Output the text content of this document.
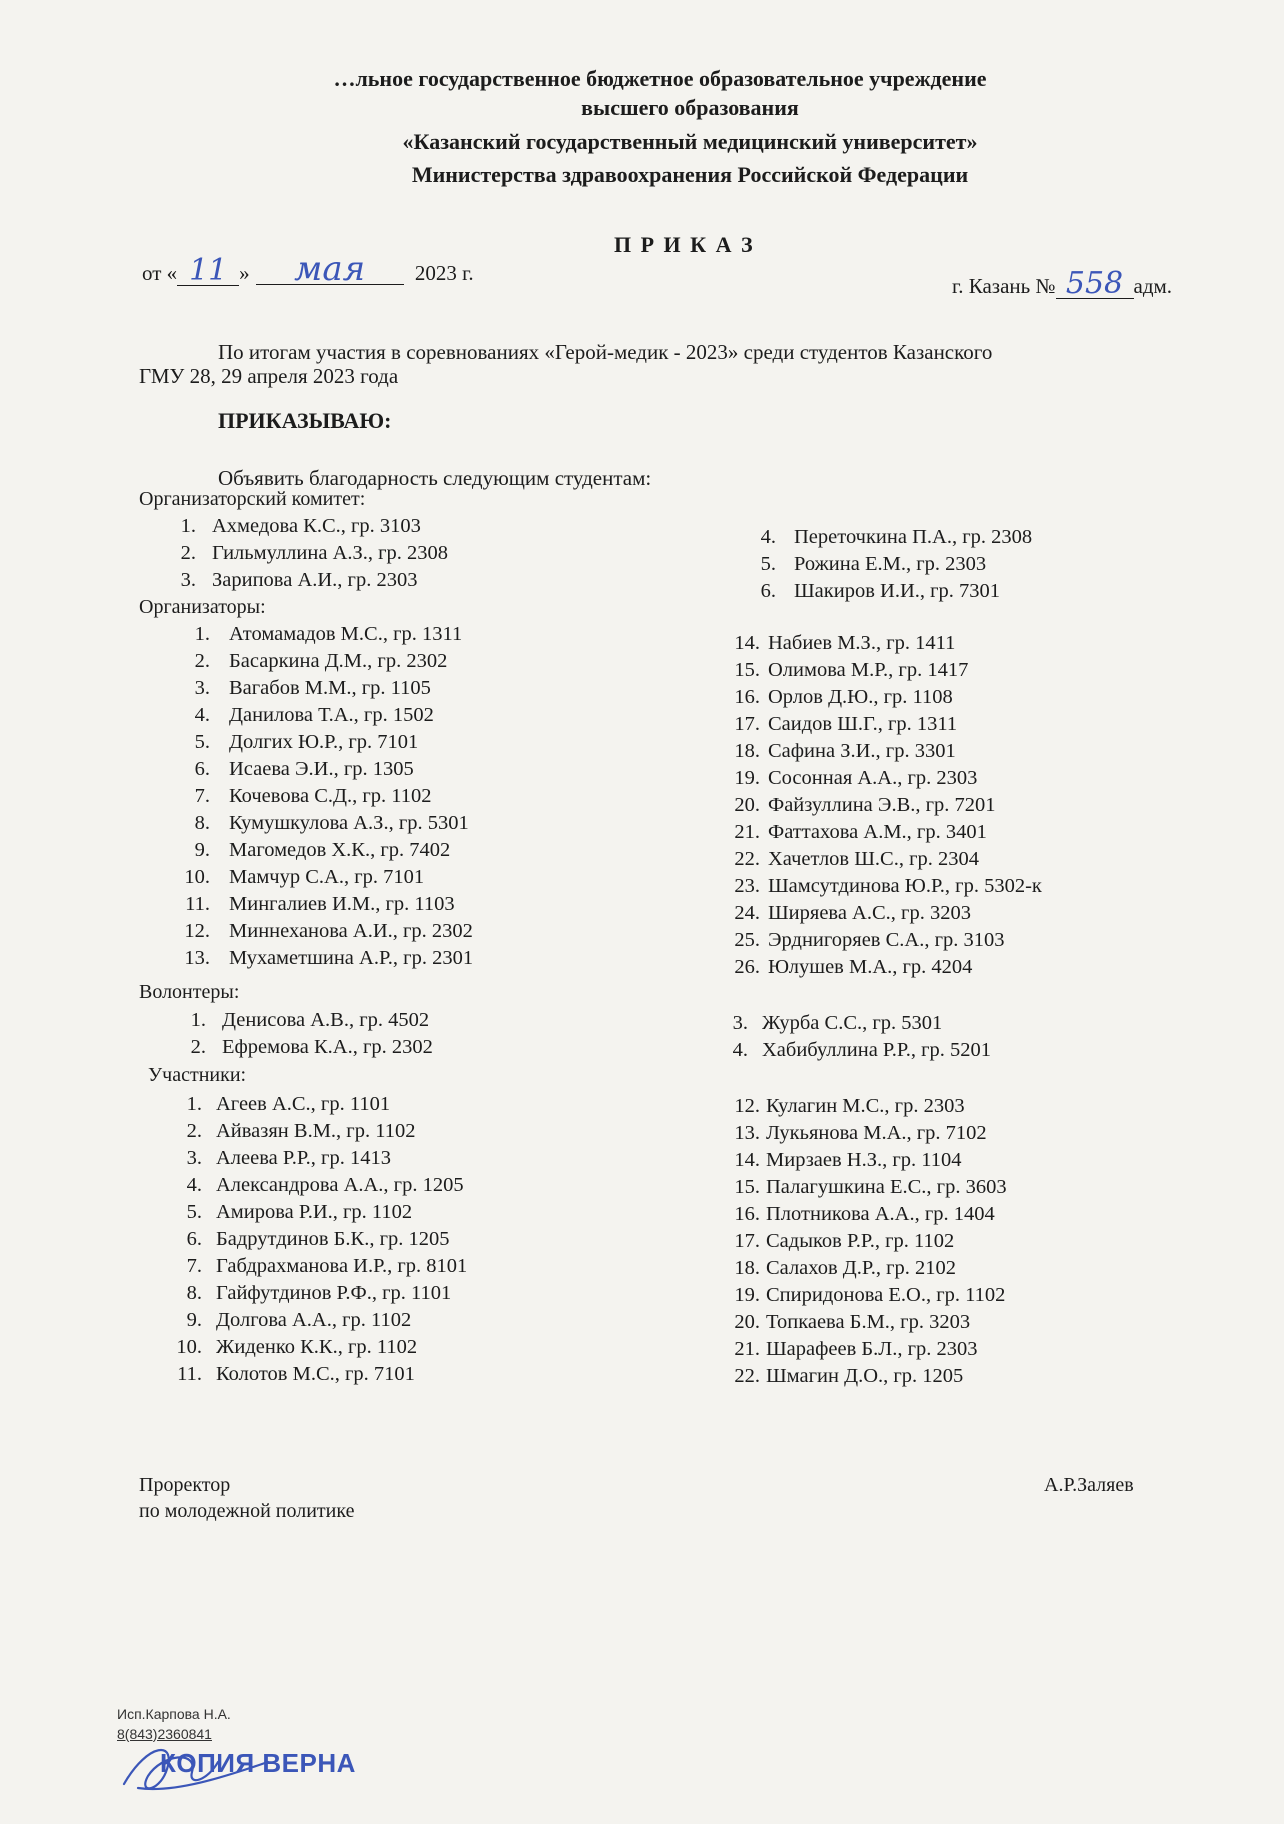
…льное государственное бюджетное образовательное учреждение
высшего образования
«Казанский государственный медицинский университет»
Министерства здравоохранения Российской Федерации
П Р И К А З
от « 11 » мая 2023 г.
г. Казань № 558 адм.
По итогам участия в соревнованиях «Герой-медик - 2023» среди студентов Казанского
ГМУ 28, 29 апреля 2023 года
ПРИКАЗЫВАЮ:
Объявить благодарность следующим студентам:
Организаторский комитет:
1. Ахмедова К.С., гр. 3103
2. Гильмуллина А.З., гр. 2308
3. Зарипова А.И., гр. 2303
4. Переточкина П.А., гр. 2308
5. Рожина Е.М., гр. 2303
6. Шакиров И.И., гр. 7301
Организаторы:
1. Атомамадов М.С., гр. 1311
2. Басаркина Д.М., гр. 2302
3. Вагабов М.М., гр. 1105
4. Данилова Т.А., гр. 1502
5. Долгих Ю.Р., гр. 7101
6. Исаева Э.И., гр. 1305
7. Кочевова С.Д., гр. 1102
8. Кумушкулова А.З., гр. 5301
9. Магомедов Х.К., гр. 7402
10. Мамчур С.А., гр. 7101
11. Мингалиев И.М., гр. 1103
12. Миннеханова А.И., гр. 2302
13. Мухаметшина А.Р., гр. 2301
14. Набиев М.З., гр. 1411
15. Олимова М.Р., гр. 1417
16. Орлов Д.Ю., гр. 1108
17. Саидов Ш.Г., гр. 1311
18. Сафина З.И., гр. 3301
19. Сосонная А.А., гр. 2303
20. Файзуллина Э.В., гр. 7201
21. Фаттахова А.М., гр. 3401
22. Хачетлов Ш.С., гр. 2304
23. Шамсутдинова Ю.Р., гр. 5302-к
24. Ширяева А.С., гр. 3203
25. Эрднигоряев С.А., гр. 3103
26. Юлушев М.А., гр. 4204
Волонтеры:
1. Денисова А.В., гр. 4502
2. Ефремова К.А., гр. 2302
3. Журба С.С., гр. 5301
4. Хабибуллина Р.Р., гр. 5201
Участники:
1. Агеев А.С., гр. 1101
2. Айвазян В.М., гр. 1102
3. Алеева Р.Р., гр. 1413
4. Александрова А.А., гр. 1205
5. Амирова Р.И., гр. 1102
6. Бадрутдинов Б.К., гр. 1205
7. Габдрахманова И.Р., гр. 8101
8. Гайфутдинов Р.Ф., гр. 1101
9. Долгова А.А., гр. 1102
10. Жиденко К.К., гр. 1102
11. Колотов М.С., гр. 7101
12. Кулагин М.С., гр. 2303
13. Лукьянова М.А., гр. 7102
14. Мирзаев Н.З., гр. 1104
15. Палагушкина Е.С., гр. 3603
16. Плотникова А.А., гр. 1404
17. Садыков Р.Р., гр. 1102
18. Салахов Д.Р., гр. 2102
19. Спиридонова Е.О., гр. 1102
20. Топкаева Б.М., гр. 3203
21. Шарафеев Б.Л., гр. 2303
22. Шмагин Д.О., гр. 1205
Проректор
по молодежной политике
А.Р.Заляев
Исп.Карпова Н.А.
8(843)2360841
КОПИЯ ВЕРНА
